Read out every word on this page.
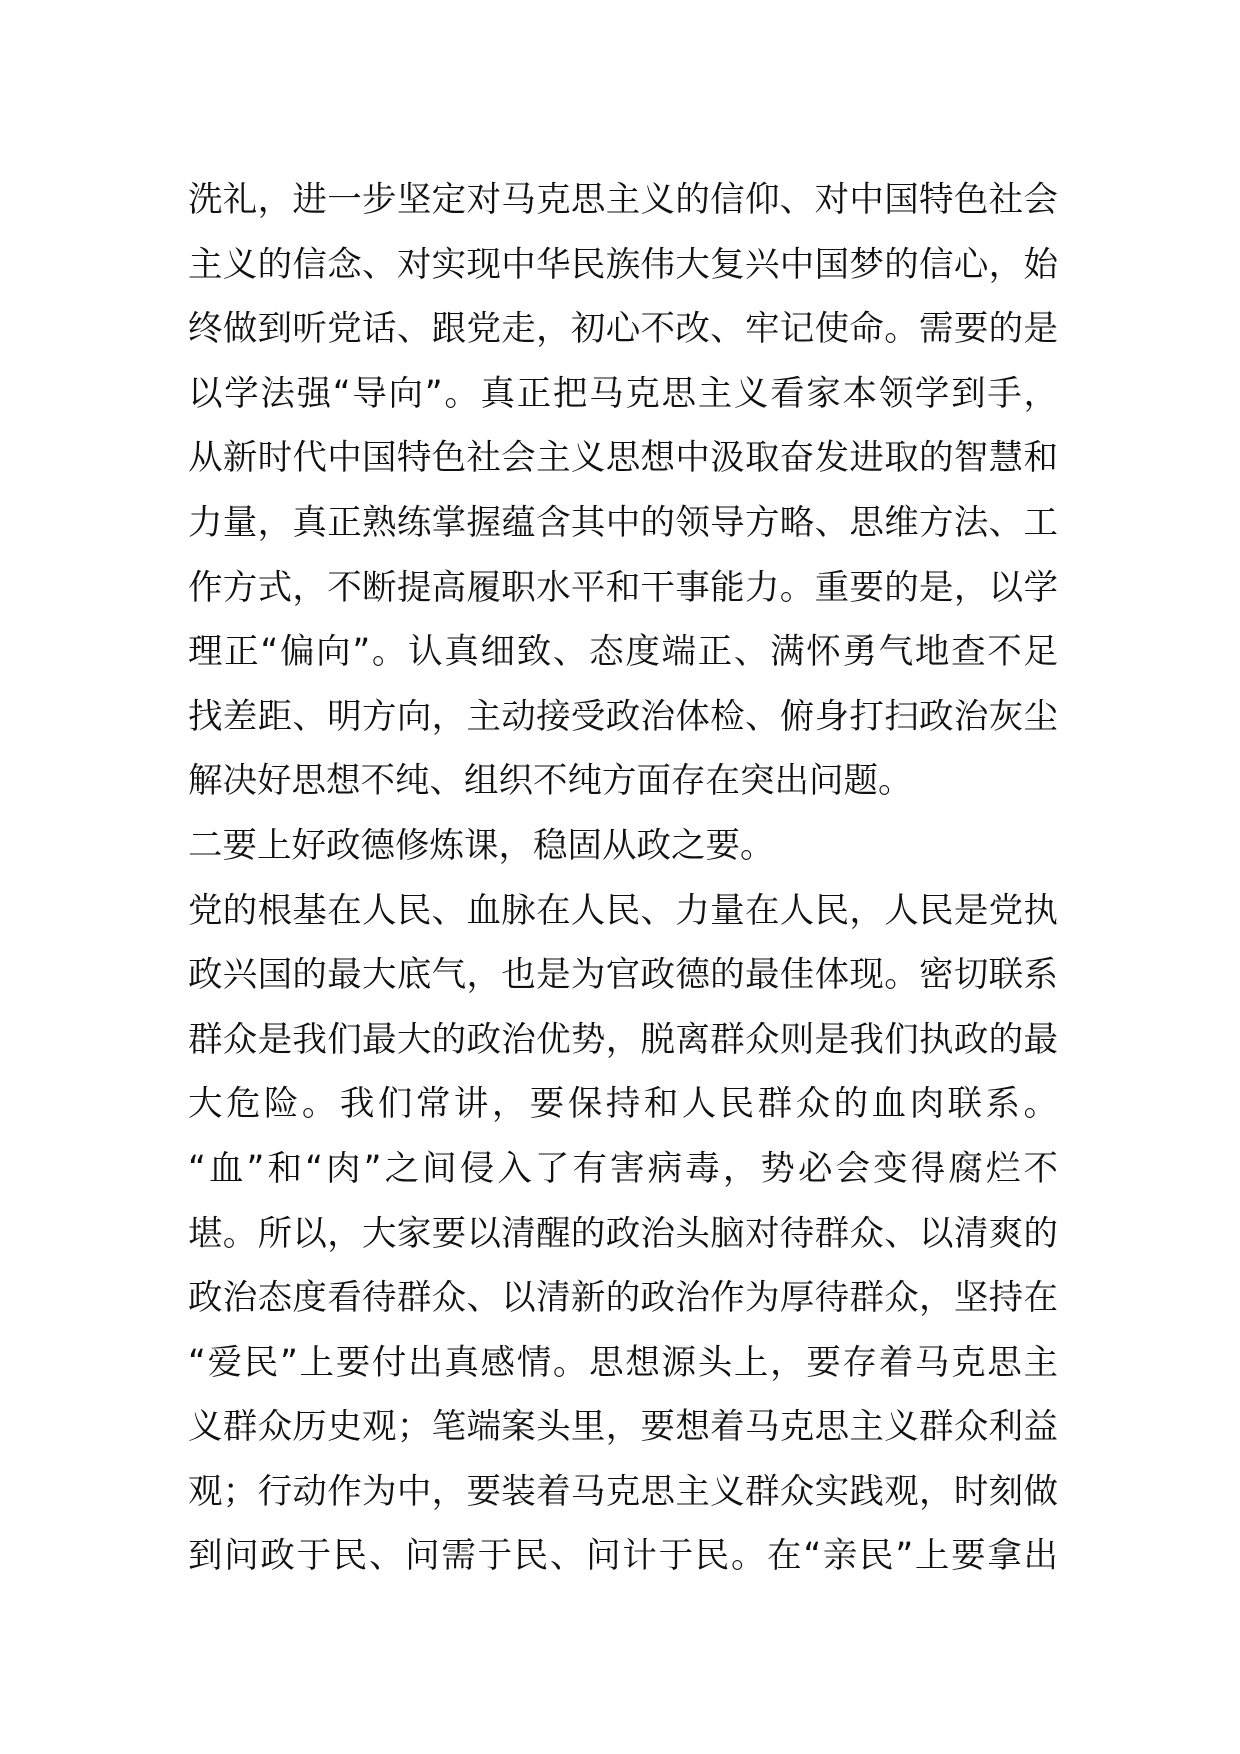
洗礼，进一步坚定对马克思主义的信仰、对中国特色社会
主义的信念、对实现中华民族伟大复兴中国梦的信心，始
终做到听党话、跟党走，初心不改、牢记使命。需要的是
以学法强“导向”。真正把马克思主义看家本领学到手，
从新时代中国特色社会主义思想中汲取奋发进取的智慧和
力量，真正熟练掌握蕴含其中的领导方略、思维方法、工
作方式，不断提高履职水平和干事能力。重要的是，以学
理正“偏向”。认真细致、态度端正、满怀勇气地查不足
找差距、明方向，主动接受政治体检、俯身打扫政治灰尘
解决好思想不纯、组织不纯方面存在突出问题。
二要上好政德修炼课，稳固从政之要。
党的根基在人民、血脉在人民、力量在人民，人民是党执
政兴国的最大底气，也是为官政德的最佳体现。密切联系
群众是我们最大的政治优势，脱离群众则是我们执政的最
大危险。我们常讲，要保持和人民群众的血肉联系。
“血”和“肉”之间侵入了有害病毒，势必会变得腐烂不
堪。所以，大家要以清醒的政治头脑对待群众、以清爽的
政治态度看待群众、以清新的政治作为厚待群众，坚持在
“爱民”上要付出真感情。思想源头上，要存着马克思主
义群众历史观；笔端案头里，要想着马克思主义群众利益
观；行动作为中，要装着马克思主义群众实践观，时刻做
到问政于民、问需于民、问计于民。在“亲民”上要拿出
